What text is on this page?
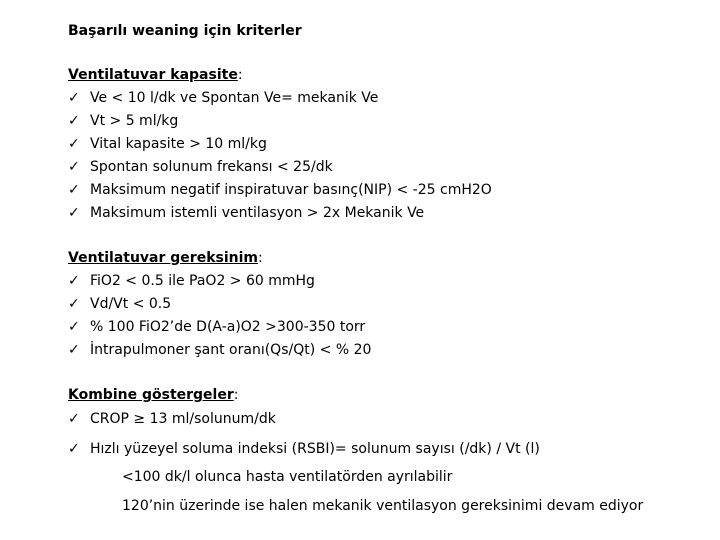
Başarılı weaning için kriterler
Ventilatuvar kapasite:
✓ Ve < 10 l/dk ve Spontan Ve= mekanik Ve
✓ Vt > 5 ml/kg
✓ Vital kapasite > 10 ml/kg
✓ Spontan solunum frekansı < 25/dk
✓ Maksimum negatif inspiratuvar basınç(NIP) < -25 cmH2O
✓ Maksimum istemli ventilasyon > 2x Mekanik Ve
Ventilatuvar gereksinim:
✓ FiO2 < 0.5 ile PaO2 > 60 mmHg
✓ Vd/Vt < 0.5
✓ % 100 FiO2’de D(A-a)O2 >300-350 torr
✓ İntrapulmoner şant oranı(Qs/Qt) < % 20
Kombine göstergeler:
✓ CROP ≥ 13 ml/solunum/dk
✓ Hızlı yüzeyel soluma indeksi (RSBI)= solunum sayısı (/dk) / Vt (l)
<100 dk/l olunca hasta ventilatörden ayrılabilir
120’nin üzerinde ise halen mekanik ventilasyon gereksinimi devam ediyor
